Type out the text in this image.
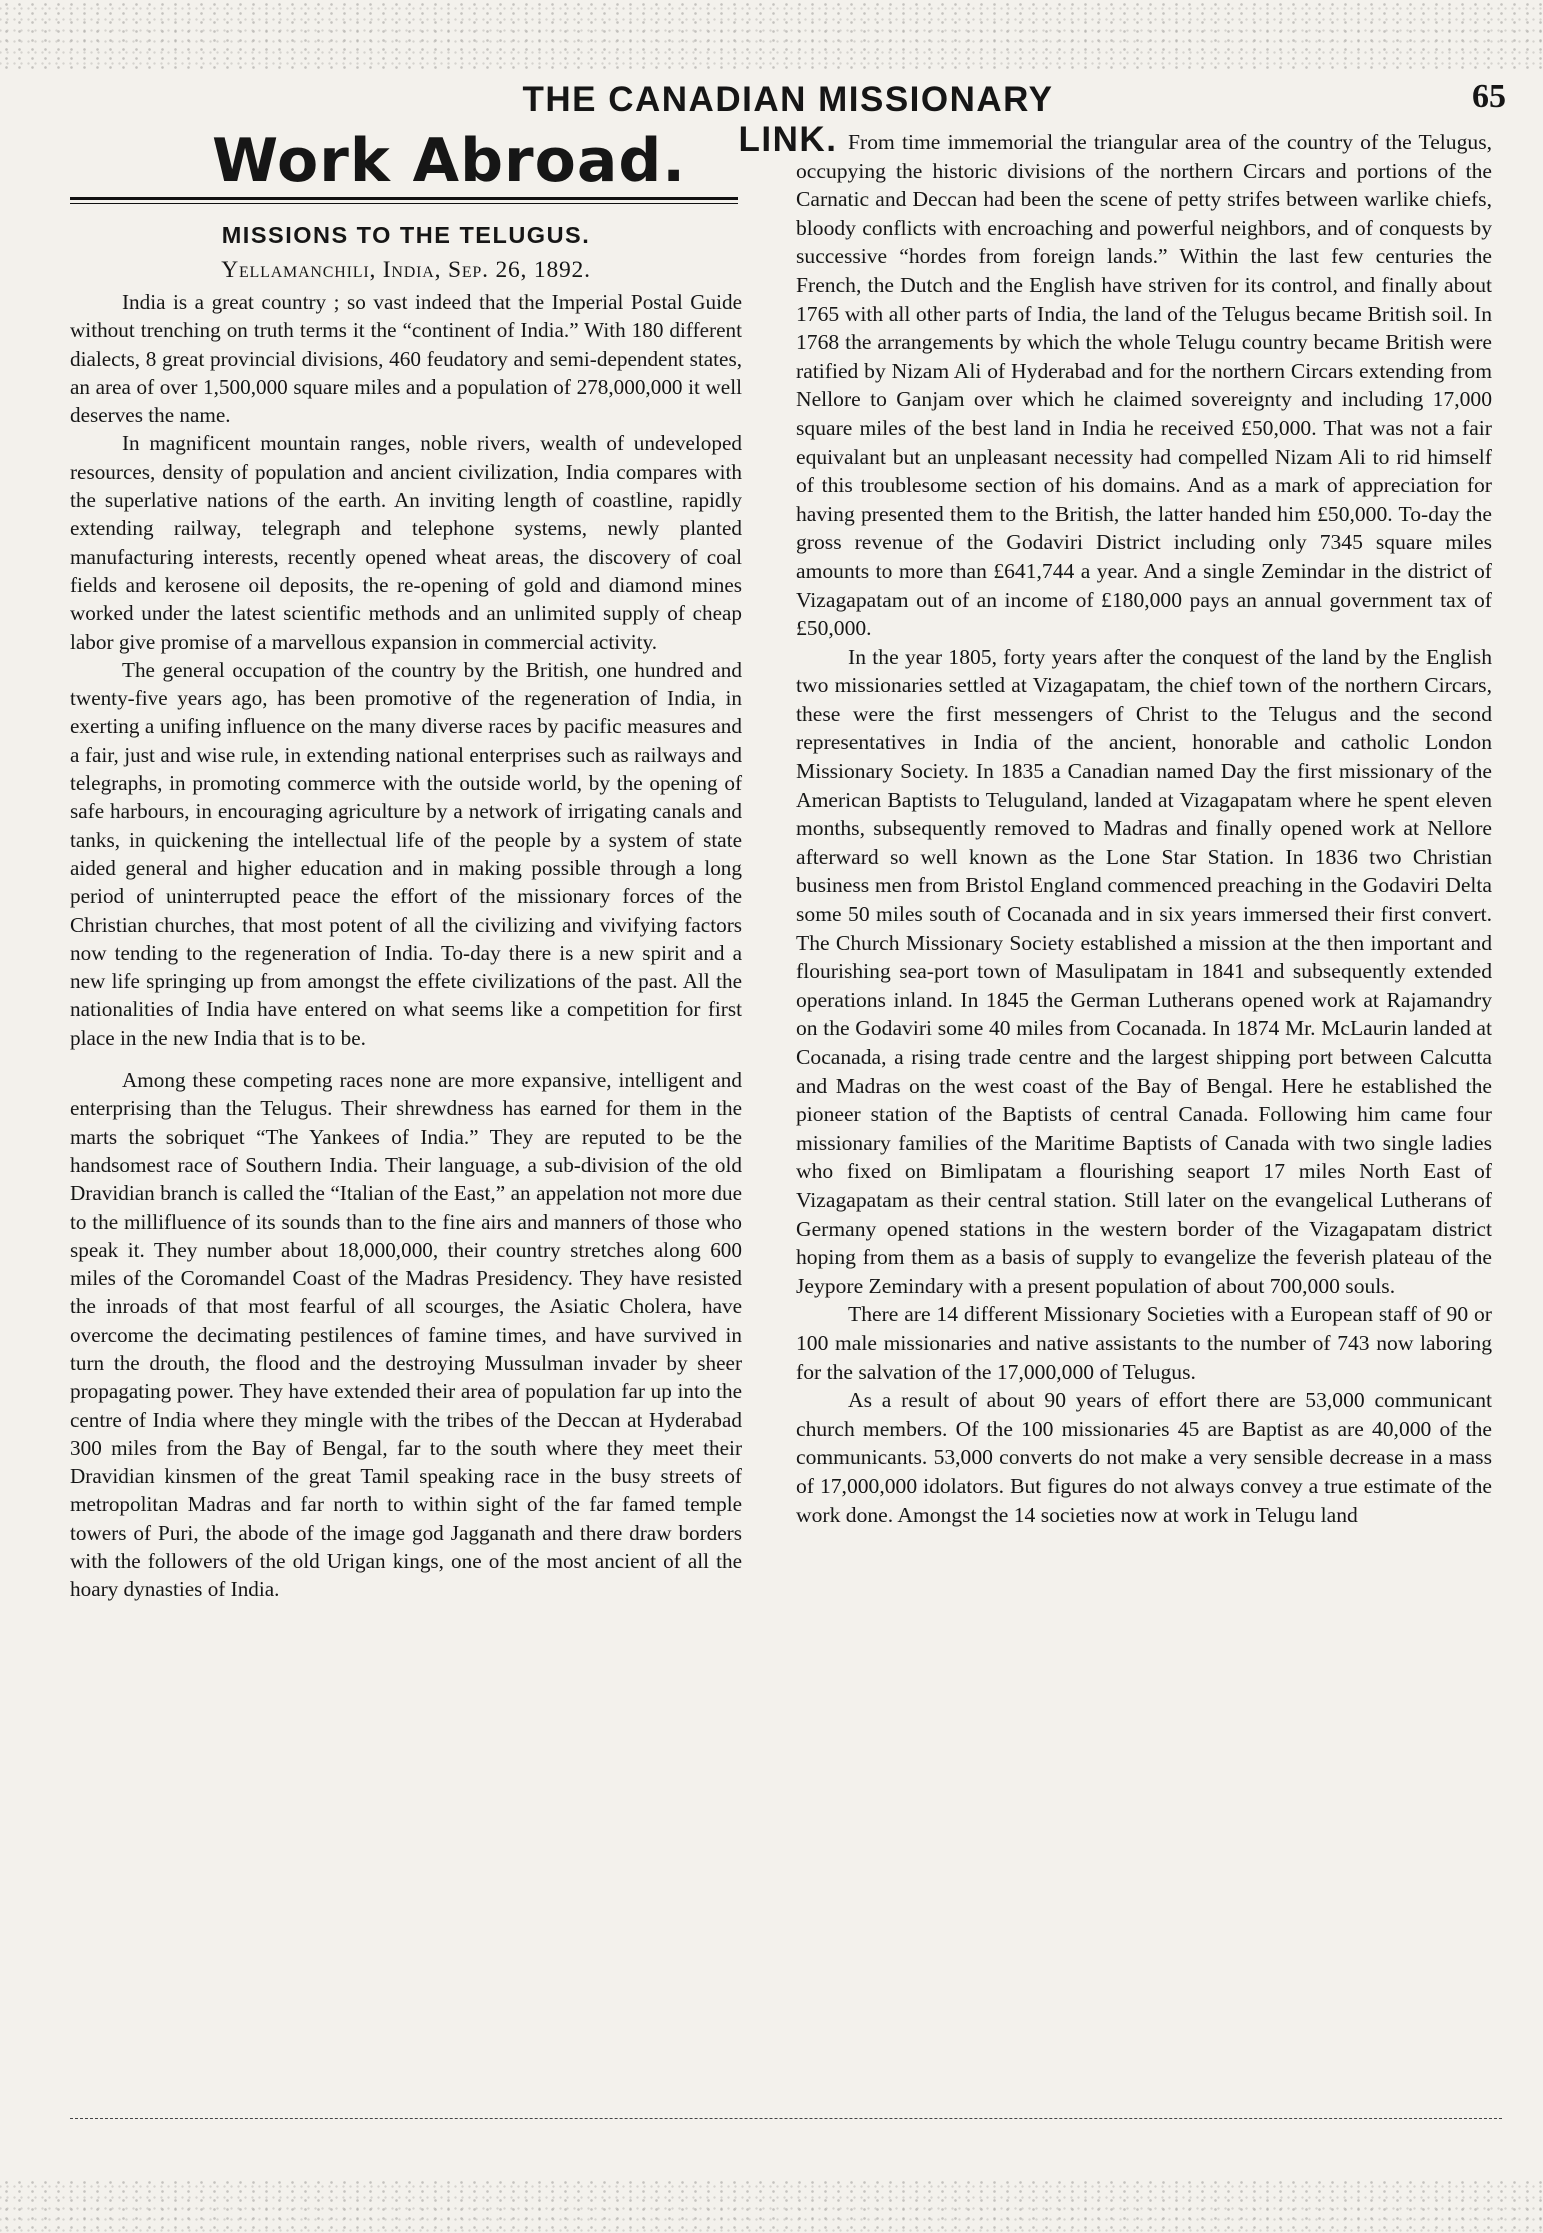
THE CANADIAN MISSIONARY LINK.
65
Work Abroad.
MISSIONS TO THE TELUGUS.
Yellamanchili, India, Sep. 26, 1892.

India is a great country ; so vast indeed that the Imperial Postal Guide without trenching on truth terms it the “continent of India.” With 180 different dialects, 8 great provincial divisions, 460 feudatory and semi-dependent states, an area of over 1,500,000 square miles and a population of 278,000,000 it well deserves the name.

In magnificent mountain ranges, noble rivers, wealth of undeveloped resources, density of population and ancient civilization, India compares with the superlative nations of the earth. An inviting length of coastline, rapidly extending railway, telegraph and telephone systems, newly planted manufacturing interests, recently opened wheat areas, the discovery of coal fields and kerosene oil deposits, the re-opening of gold and diamond mines worked under the latest scientific methods and an unlimited supply of cheap labor give promise of a marvellous expansion in commercial activity.

The general occupation of the country by the British, one hundred and twenty-five years ago, has been promotive of the regeneration of India, in exerting a unifing influence on the many diverse races by pacific measures and a fair, just and wise rule, in extending national enterprises such as railways and telegraphs, in promoting commerce with the outside world, by the opening of safe harbours, in encouraging agriculture by a network of irrigating canals and tanks, in quickening the intellectual life of the people by a system of state aided general and higher education and in making possible through a long period of uninterrupted peace the effort of the missionary forces of the Christian churches, that most potent of all the civilizing and vivifying factors now tending to the regeneration of India. To-day there is a new spirit and a new life springing up from amongst the effete civilizations of the past. All the nationalities of India have entered on what seems like a competition for first place in the new India that is to be.

Among these competing races none are more expansive, intelligent and enterprising than the Telugus. Their shrewdness has earned for them in the marts the sobriquet “The Yankees of India.” They are reputed to be the handsomest race of Southern India. Their language, a sub-division of the old Dravidian branch is called the “Italian of the East,” an appelation not more due to the millifluence of its sounds than to the fine airs and manners of those who speak it. They number about 18,000,000, their country stretches along 600 miles of the Coromandel Coast of the Madras Presidency. They have resisted the inroads of that most fearful of all scourges, the Asiatic Cholera, have overcome the decimating pestilences of famine times, and have survived in turn the drouth, the flood and the destroying Mussulman invader by sheer propagating power. They have extended their area of population far up into the centre of India where they mingle with the tribes of the Deccan at Hyderabad 300 miles from the Bay of Bengal, far to the south where they meet their Dravidian kinsmen of the great Tamil speaking race in the busy streets of metropolitan Madras and far north to within sight of the far famed temple towers of Puri, the abode of the image god Jagganath and there draw borders with the followers of the old Urigan kings, one of the most ancient of all the hoary dynasties of India.

From time immemorial the triangular area of the country of the Telugus, occupying the historic divisions of the northern Circars and portions of the Carnatic and Deccan had been the scene of petty strifes between warlike chiefs, bloody conflicts with encroaching and powerful neighbors, and of conquests by successive “hordes from foreign lands.” Within the last few centuries the French, the Dutch and the English have striven for its control, and finally about 1765 with all other parts of India, the land of the Telugus became British soil. In 1768 the arrangements by which the whole Telugu country became British were ratified by Nizam Ali of Hyderabad and for the northern Circars extending from Nellore to Ganjam over which he claimed sovereignty and including 17,000 square miles of the best land in India he received £50,000. That was not a fair equivalant but an unpleasant necessity had compelled Nizam Ali to rid himself of this troublesome section of his domains. And as a mark of appreciation for having presented them to the British, the latter handed him £50,000. To-day the gross revenue of the Godaviri District including only 7345 square miles amounts to more than £641,744 a year. And a single Zemindar in the district of Vizagapatam out of an income of £180,000 pays an annual government tax of £50,000.

In the year 1805, forty years after the conquest of the land by the English two missionaries settled at Vizagapatam, the chief town of the northern Circars, these were the first messengers of Christ to the Telugus and the second representatives in India of the ancient, honorable and catholic London Missionary Society. In 1835 a Canadian named Day the first missionary of the American Baptists to Teluguland, landed at Vizagapatam where he spent eleven months, subsequently removed to Madras and finally opened work at Nellore afterward so well known as the Lone Star Station. In 1836 two Christian business men from Bristol England commenced preaching in the Godaviri Delta some 50 miles south of Cocanada and in six years immersed their first convert. The Church Missionary Society established a mission at the then important and flourishing sea-port town of Masulipatam in 1841 and subsequently extended operations inland. In 1845 the German Lutherans opened work at Rajamandry on the Godaviri some 40 miles from Cocanada. In 1874 Mr. McLaurin landed at Cocanada, a rising trade centre and the largest shipping port between Calcutta and Madras on the west coast of the Bay of Bengal. Here he established the pioneer station of the Baptists of central Canada. Following him came four missionary families of the Maritime Baptists of Canada with two single ladies who fixed on Bimlipatam a flourishing seaport 17 miles North East of Vizagapatam as their central station. Still later on the evangelical Lutherans of Germany opened stations in the western border of the Vizagapatam district hoping from them as a basis of supply to evangelize the feverish plateau of the Jeypore Zemindary with a present population of about 700,000 souls.

There are 14 different Missionary Societies with a European staff of 90 or 100 male missionaries and native assistants to the number of 743 now laboring for the salvation of the 17,000,000 of Telugus.

As a result of about 90 years of effort there are 53,000 communicant church members. Of the 100 missionaries 45 are Baptist as are 40,000 of the communicants. 53,000 converts do not make a very sensible decrease in a mass of 17,000,000 idolators. But figures do not always convey a true estimate of the work done. Amongst the 14 societies now at work in Telugu land
